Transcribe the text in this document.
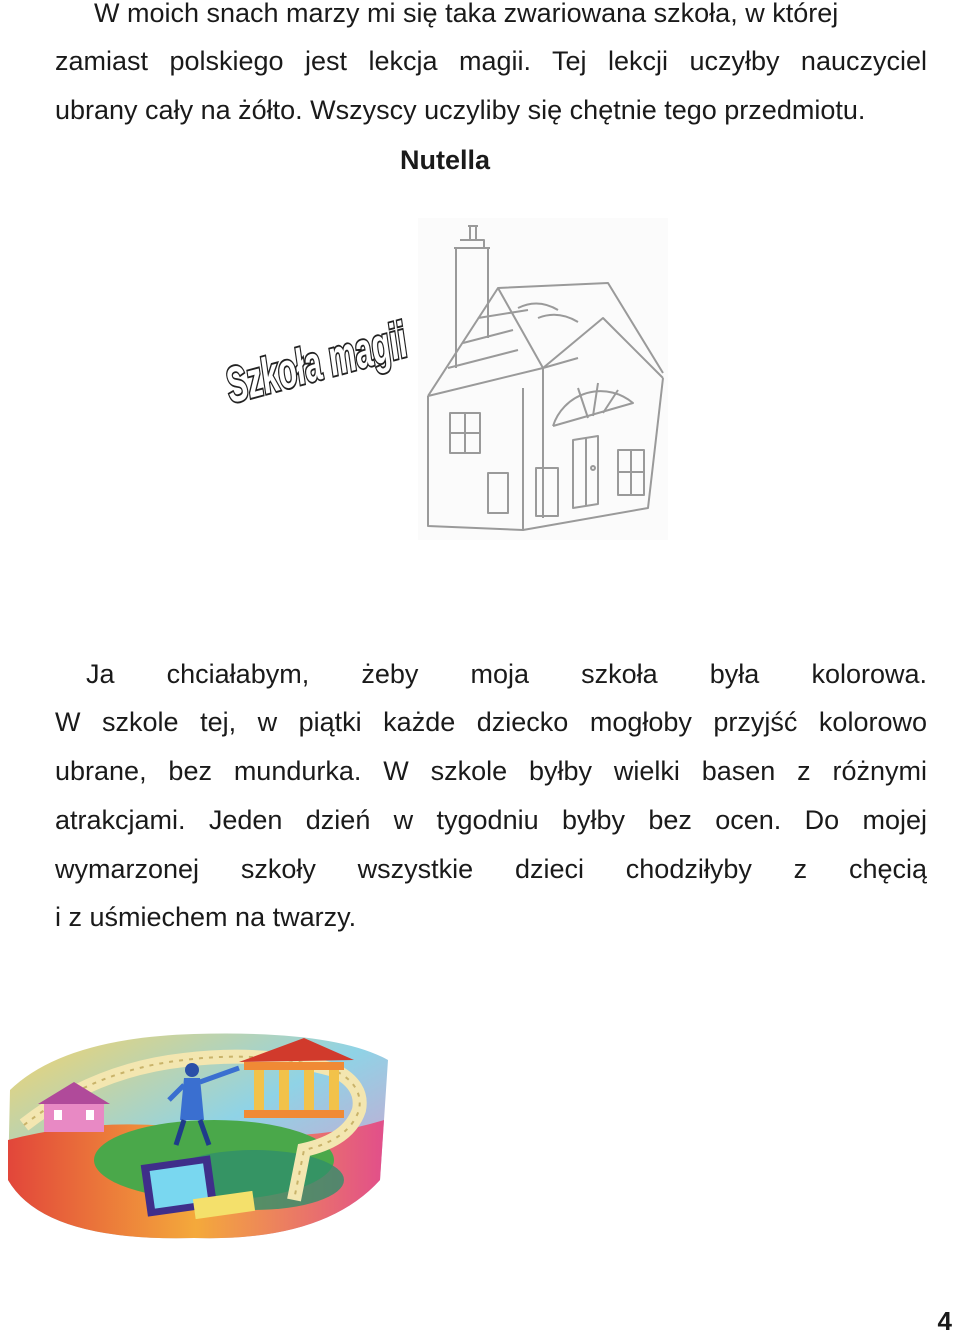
W moich snach marzy mi się taka zwariowana szkoła, w której
zamiast polskiego jest lekcja magii. Tej lekcji uczyłby nauczyciel
ubrany cały na żółto. Wszyscy uczyliby się chętnie tego przedmiotu.
Nutella
Szkoła magii
Ja chciałabym, żeby moja szkoła była kolorowa.
W szkole tej, w piątki każde dziecko mogłoby przyjść kolorowo
ubrane, bez mundurka. W szkole byłby wielki basen z różnymi
atrakcjami. Jeden dzień w tygodniu byłby bez ocen. Do mojej
wymarzonej szkoły wszystkie dzieci chodziłyby z chęcią
i z uśmiechem na twarzy.
4
